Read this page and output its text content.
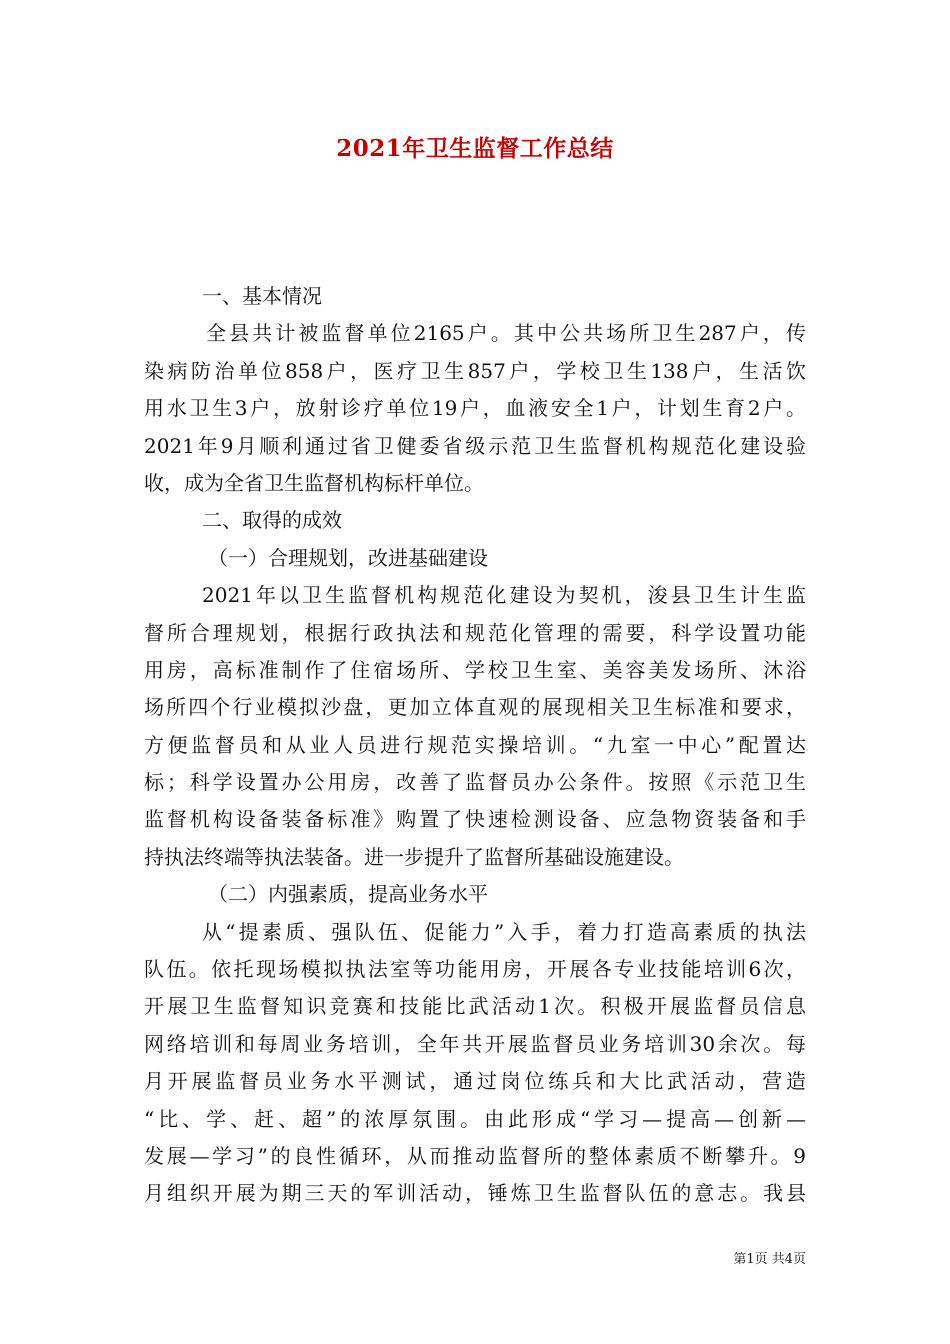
2021年卫生监督工作总结
一、基本情况
全县共计被监督单位2165户。其中公共场所卫生287户，传
染病防治单位858户，医疗卫生857户，学校卫生138户，生活饮
用水卫生3户，放射诊疗单位19户，血液安全1户，计划生育2户。
2021年9月顺利通过省卫健委省级示范卫生监督机构规范化建设验
收，成为全省卫生监督机构标杆单位。
二、取得的成效
（一）合理规划，改进基础建设
2021年以卫生监督机构规范化建设为契机，浚县卫生计生监
督所合理规划，根据行政执法和规范化管理的需要，科学设置功能
用房，高标准制作了住宿场所、学校卫生室、美容美发场所、沐浴
场所四个行业模拟沙盘，更加立体直观的展现相关卫生标准和要求，
方便监督员和从业人员进行规范实操培训。“九室一中心”配置达
标；科学设置办公用房，改善了监督员办公条件。按照《示范卫生
监督机构设备装备标准》购置了快速检测设备、应急物资装备和手
持执法终端等执法装备。进一步提升了监督所基础设施建设。
（二）内强素质，提高业务水平
从“提素质、强队伍、促能力”入手，着力打造高素质的执法
队伍。依托现场模拟执法室等功能用房，开展各专业技能培训6次，
开展卫生监督知识竞赛和技能比武活动1次。积极开展监督员信息
网络培训和每周业务培训，全年共开展监督员业务培训30余次。每
月开展监督员业务水平测试，通过岗位练兵和大比武活动，营造
“比、学、赶、超”的浓厚氛围。由此形成“学习—提高—创新—
发展—学习”的良性循环，从而推动监督所的整体素质不断攀升。9
月组织开展为期三天的军训活动，锤炼卫生监督队伍的意志。我县
第1页 共4页
